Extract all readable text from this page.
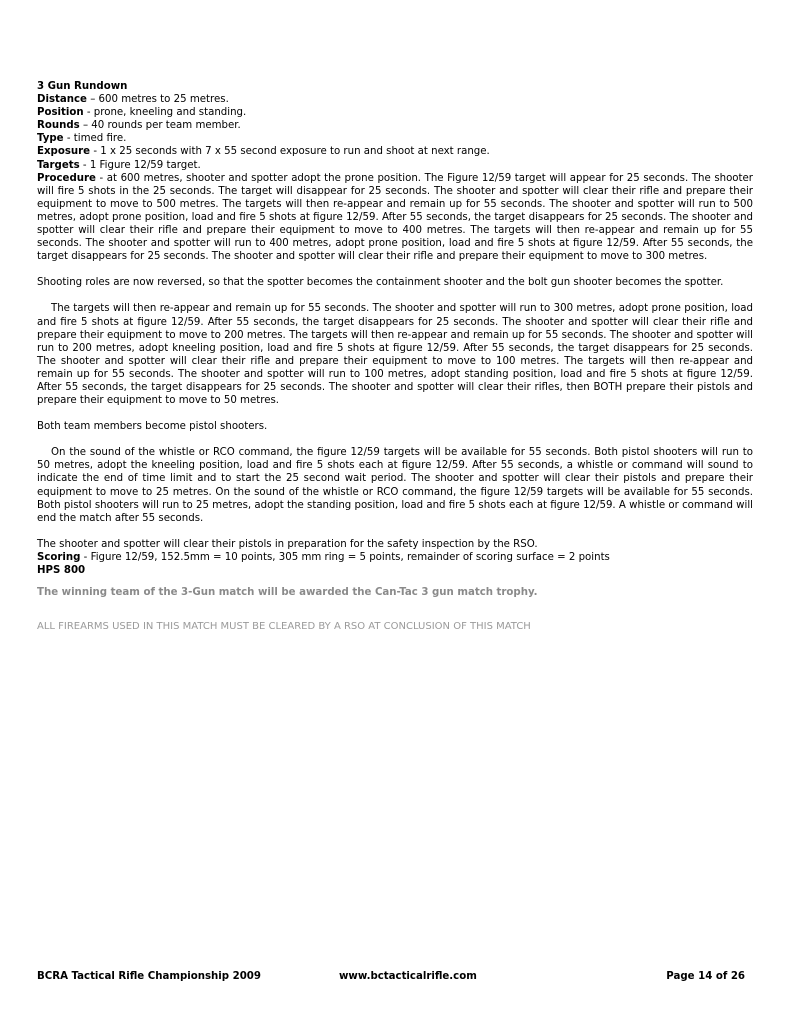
3 Gun Rundown
Distance – 600 metres to 25 metres.
Position - prone, kneeling and standing.
Rounds – 40 rounds per team member.
Type - timed fire.
Exposure - 1 x 25 seconds with 7 x 55 second exposure to run and shoot at next range.
Targets - 1 Figure 12/59 target.

Procedure - at 600 metres, shooter and spotter adopt the prone position. The Figure 12/59 target will appear for 25 seconds. The shooter will fire 5 shots in the 25 seconds. The target will disappear for 25 seconds. The shooter and spotter will clear their rifle and prepare their equipment to move to 500 metres. The targets will then re-appear and remain up for 55 seconds. The shooter and spotter will run to 500 metres, adopt prone position, load and fire 5 shots at figure 12/59. After 55 seconds, the target disappears for 25 seconds. The shooter and spotter will clear their rifle and prepare their equipment to move to 400 metres. The targets will then re-appear and remain up for 55 seconds. The shooter and spotter will run to 400 metres, adopt prone position, load and fire 5 shots at figure 12/59. After 55 seconds, the target disappears for 25 seconds. The shooter and spotter will clear their rifle and prepare their equipment to move to 300 metres.

Shooting roles are now reversed, so that the spotter becomes the containment shooter and the bolt gun shooter becomes the spotter.

The targets will then re-appear and remain up for 55 seconds. The shooter and spotter will run to 300 metres, adopt prone position, load and fire 5 shots at figure 12/59. After 55 seconds, the target disappears for 25 seconds. The shooter and spotter will clear their rifle and prepare their equipment to move to 200 metres. The targets will then re-appear and remain up for 55 seconds. The shooter and spotter will run to 200 metres, adopt kneeling position, load and fire 5 shots at figure 12/59. After 55 seconds, the target disappears for 25 seconds. The shooter and spotter will clear their rifle and prepare their equipment to move to 100 metres. The targets will then re-appear and remain up for 55 seconds. The shooter and spotter will run to 100 metres, adopt standing position, load and fire 5 shots at figure 12/59. After 55 seconds, the target disappears for 25 seconds. The shooter and spotter will clear their rifles, then BOTH prepare their pistols and prepare their equipment to move to 50 metres.

Both team members become pistol shooters.

On the sound of the whistle or RCO command, the figure 12/59 targets will be available for 55 seconds. Both pistol shooters will run to 50 metres, adopt the kneeling position, load and fire 5 shots each at figure 12/59. After 55 seconds, a whistle or command will sound to indicate the end of time limit and to start the 25 second wait period. The shooter and spotter will clear their pistols and prepare their equipment to move to 25 metres. On the sound of the whistle or RCO command, the figure 12/59 targets will be available for 55 seconds. Both pistol shooters will run to 25 metres, adopt the standing position, load and fire 5 shots each at figure 12/59. A whistle or command will end the match after 55 seconds.

The shooter and spotter will clear their pistols in preparation for the safety inspection by the RSO.
Scoring - Figure 12/59, 152.5mm = 10 points, 305 mm ring = 5 points, remainder of scoring surface = 2 points
HPS 800
The winning team of the 3-Gun match will be awarded the Can-Tac 3 gun match trophy.
ALL FIREARMS USED IN THIS MATCH MUST BE CLEARED BY A RSO AT CONCLUSION OF THIS MATCH
BCRA Tactical Rifle Championship 2009	www.bctacticalrifle.com	Page 14 of 26
